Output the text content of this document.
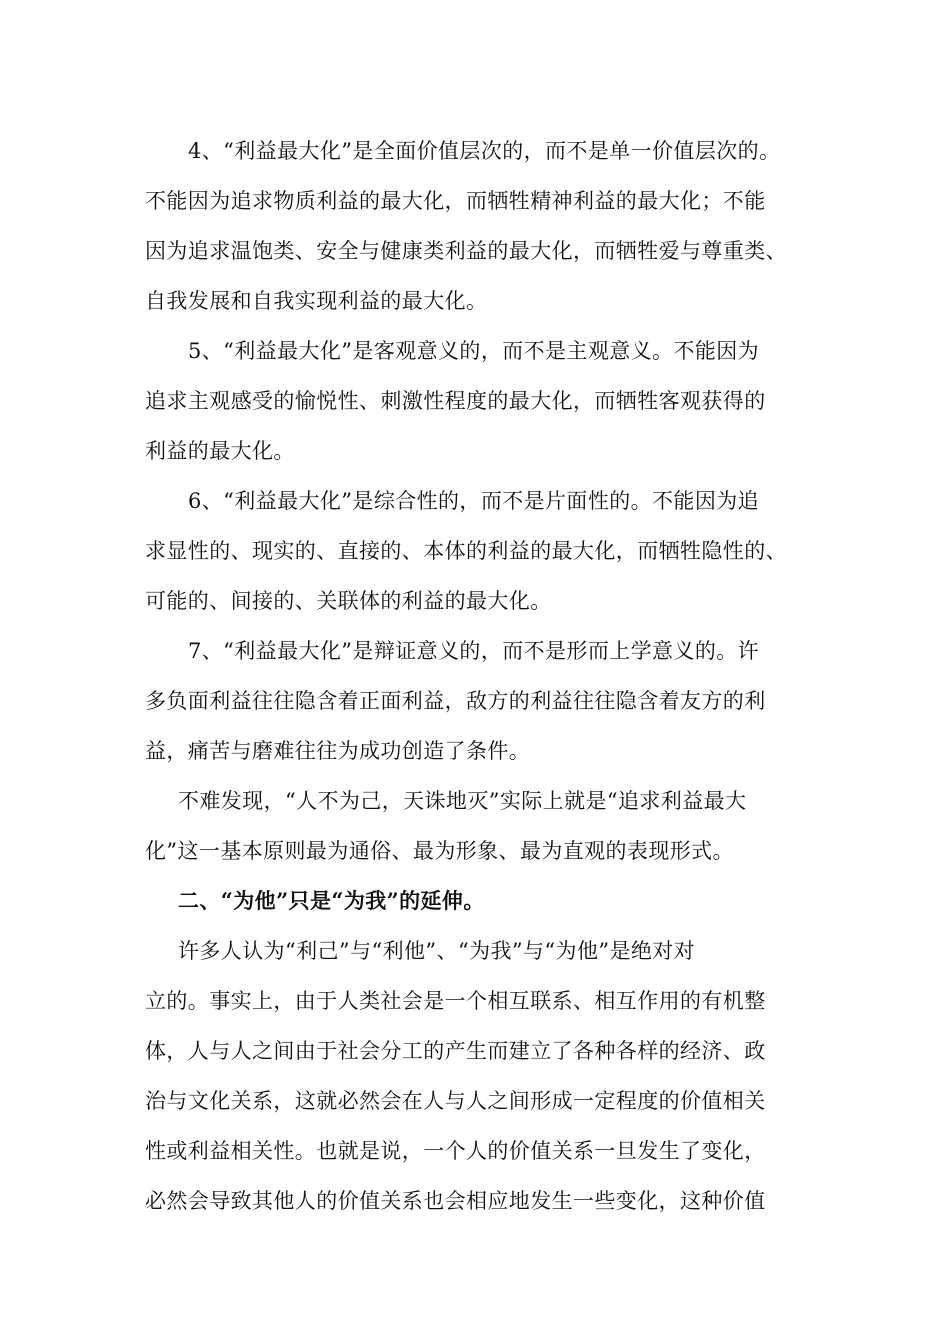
4、“利益最大化”是全面价值层次的，而不是单一价值层次的。
不能因为追求物质利益的最大化，而牺牲精神利益的最大化；不能
因为追求温饱类、安全与健康类利益的最大化，而牺牲爱与尊重类、
自我发展和自我实现利益的最大化。
5、“利益最大化”是客观意义的，而不是主观意义。不能因为
追求主观感受的愉悦性、刺激性程度的最大化，而牺牲客观获得的
利益的最大化。
6、“利益最大化”是综合性的，而不是片面性的。不能因为追
求显性的、现实的、直接的、本体的利益的最大化，而牺牲隐性的、
可能的、间接的、关联体的利益的最大化。
7、“利益最大化”是辩证意义的，而不是形而上学意义的。许
多负面利益往往隐含着正面利益，敌方的利益往往隐含着友方的利
益，痛苦与磨难往往为成功创造了条件。
不难发现，“人不为己，天诛地灭”实际上就是“追求利益最大
化”这一基本原则最为通俗、最为形象、最为直观的表现形式。
二、“为他”只是“为我”的延伸。
许多人认为“利己”与“利他”、“为我”与“为他”是绝对对
立的。事实上，由于人类社会是一个相互联系、相互作用的有机整
体，人与人之间由于社会分工的产生而建立了各种各样的经济、政
治与文化关系，这就必然会在人与人之间形成一定程度的价值相关
性或利益相关性。也就是说，一个人的价值关系一旦发生了变化，
必然会导致其他人的价值关系也会相应地发生一些变化，这种价值
